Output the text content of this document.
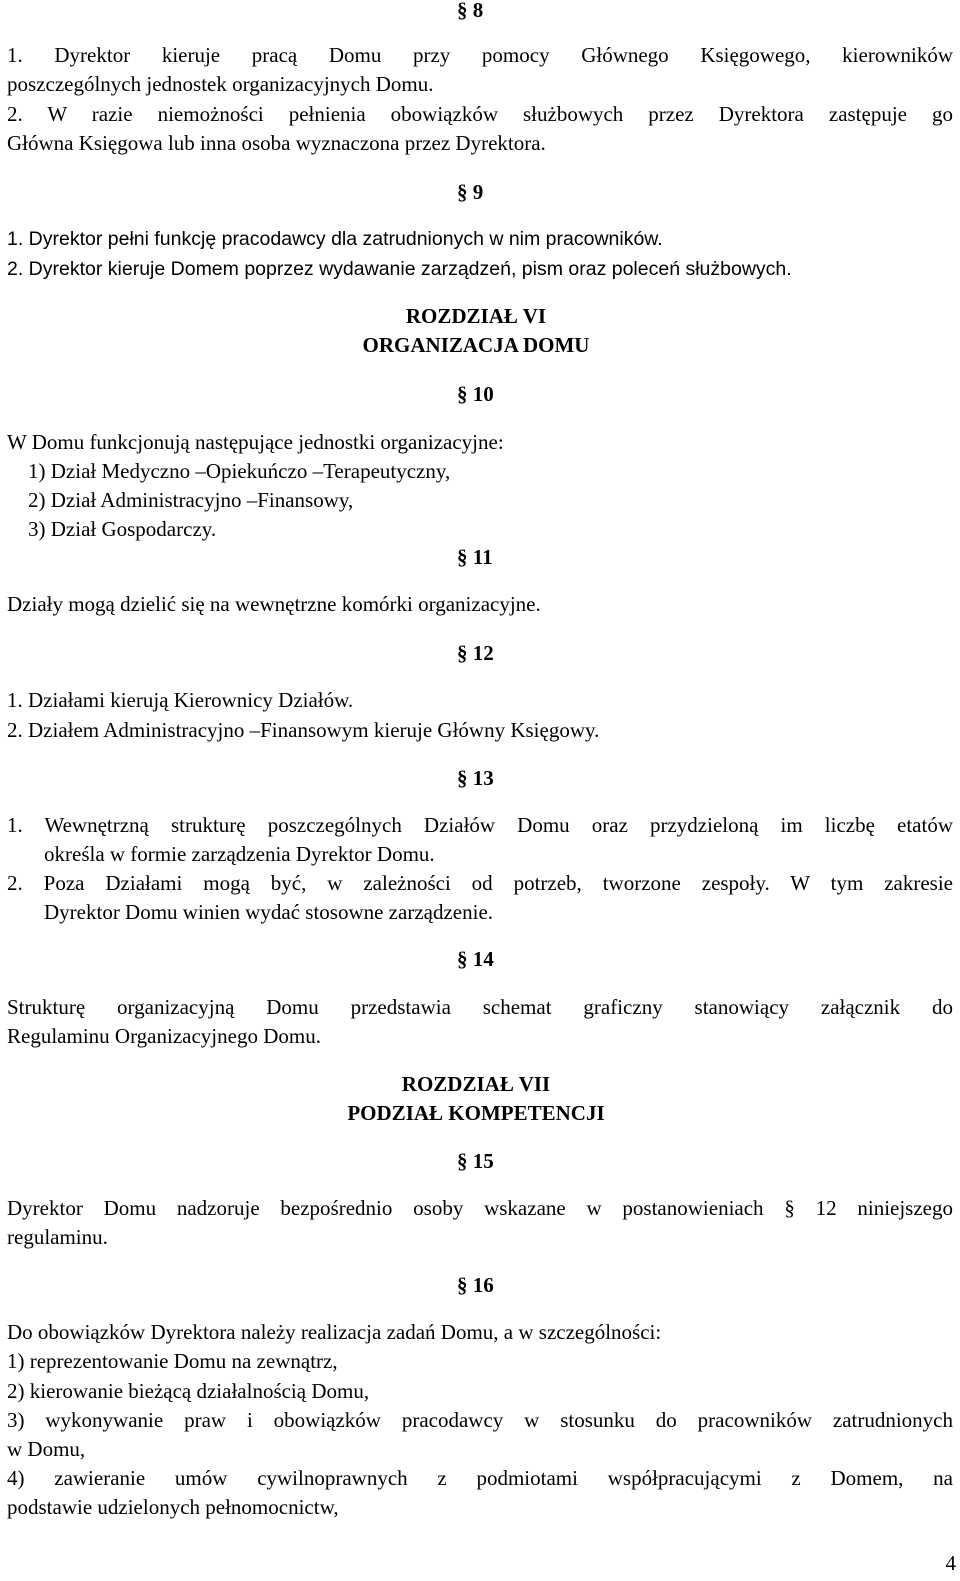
§ 8
1. Dyrektor kieruje pracą Domu przy pomocy Głównego Księgowego, kierowników
poszczególnych jednostek organizacyjnych Domu.
2. W razie niemożności pełnienia obowiązków służbowych przez Dyrektora zastępuje go
Główna Księgowa lub inna osoba wyznaczona przez Dyrektora.
§ 9
1. Dyrektor pełni funkcję pracodawcy dla zatrudnionych w nim pracowników.
2. Dyrektor kieruje Domem poprzez wydawanie zarządzeń, pism oraz poleceń służbowych.
ROZDZIAŁ VI
ORGANIZACJA DOMU
§ 10
W Domu funkcjonują następujące jednostki organizacyjne:
1) Dział Medyczno –Opiekuńczo –Terapeutyczny,
2) Dział Administracyjno –Finansowy,
3) Dział Gospodarczy.
§ 11
Działy mogą dzielić się na wewnętrzne komórki organizacyjne.
§ 12
1. Działami kierują Kierownicy Działów.
2. Działem Administracyjno –Finansowym kieruje Główny Księgowy.
§ 13
1. Wewnętrzną strukturę poszczególnych Działów Domu oraz przydzieloną im liczbę etatów
określa w formie zarządzenia Dyrektor Domu.
2. Poza Działami mogą być, w zależności od potrzeb, tworzone zespoły. W tym zakresie
Dyrektor Domu winien wydać stosowne zarządzenie.
§ 14
Strukturę organizacyjną Domu przedstawia schemat graficzny stanowiący załącznik do
Regulaminu Organizacyjnego Domu.
ROZDZIAŁ VII
PODZIAŁ KOMPETENCJI
§ 15
Dyrektor Domu nadzoruje bezpośrednio osoby wskazane w postanowieniach § 12 niniejszego
regulaminu.
§ 16
Do obowiązków Dyrektora należy realizacja zadań Domu, a w szczególności:
1) reprezentowanie Domu na zewnątrz,
2) kierowanie bieżącą działalnością Domu,
3) wykonywanie praw i obowiązków pracodawcy w stosunku do pracowników zatrudnionych
w Domu,
4) zawieranie umów cywilnoprawnych z podmiotami współpracującymi z Domem, na
podstawie udzielonych pełnomocnictw,
4
